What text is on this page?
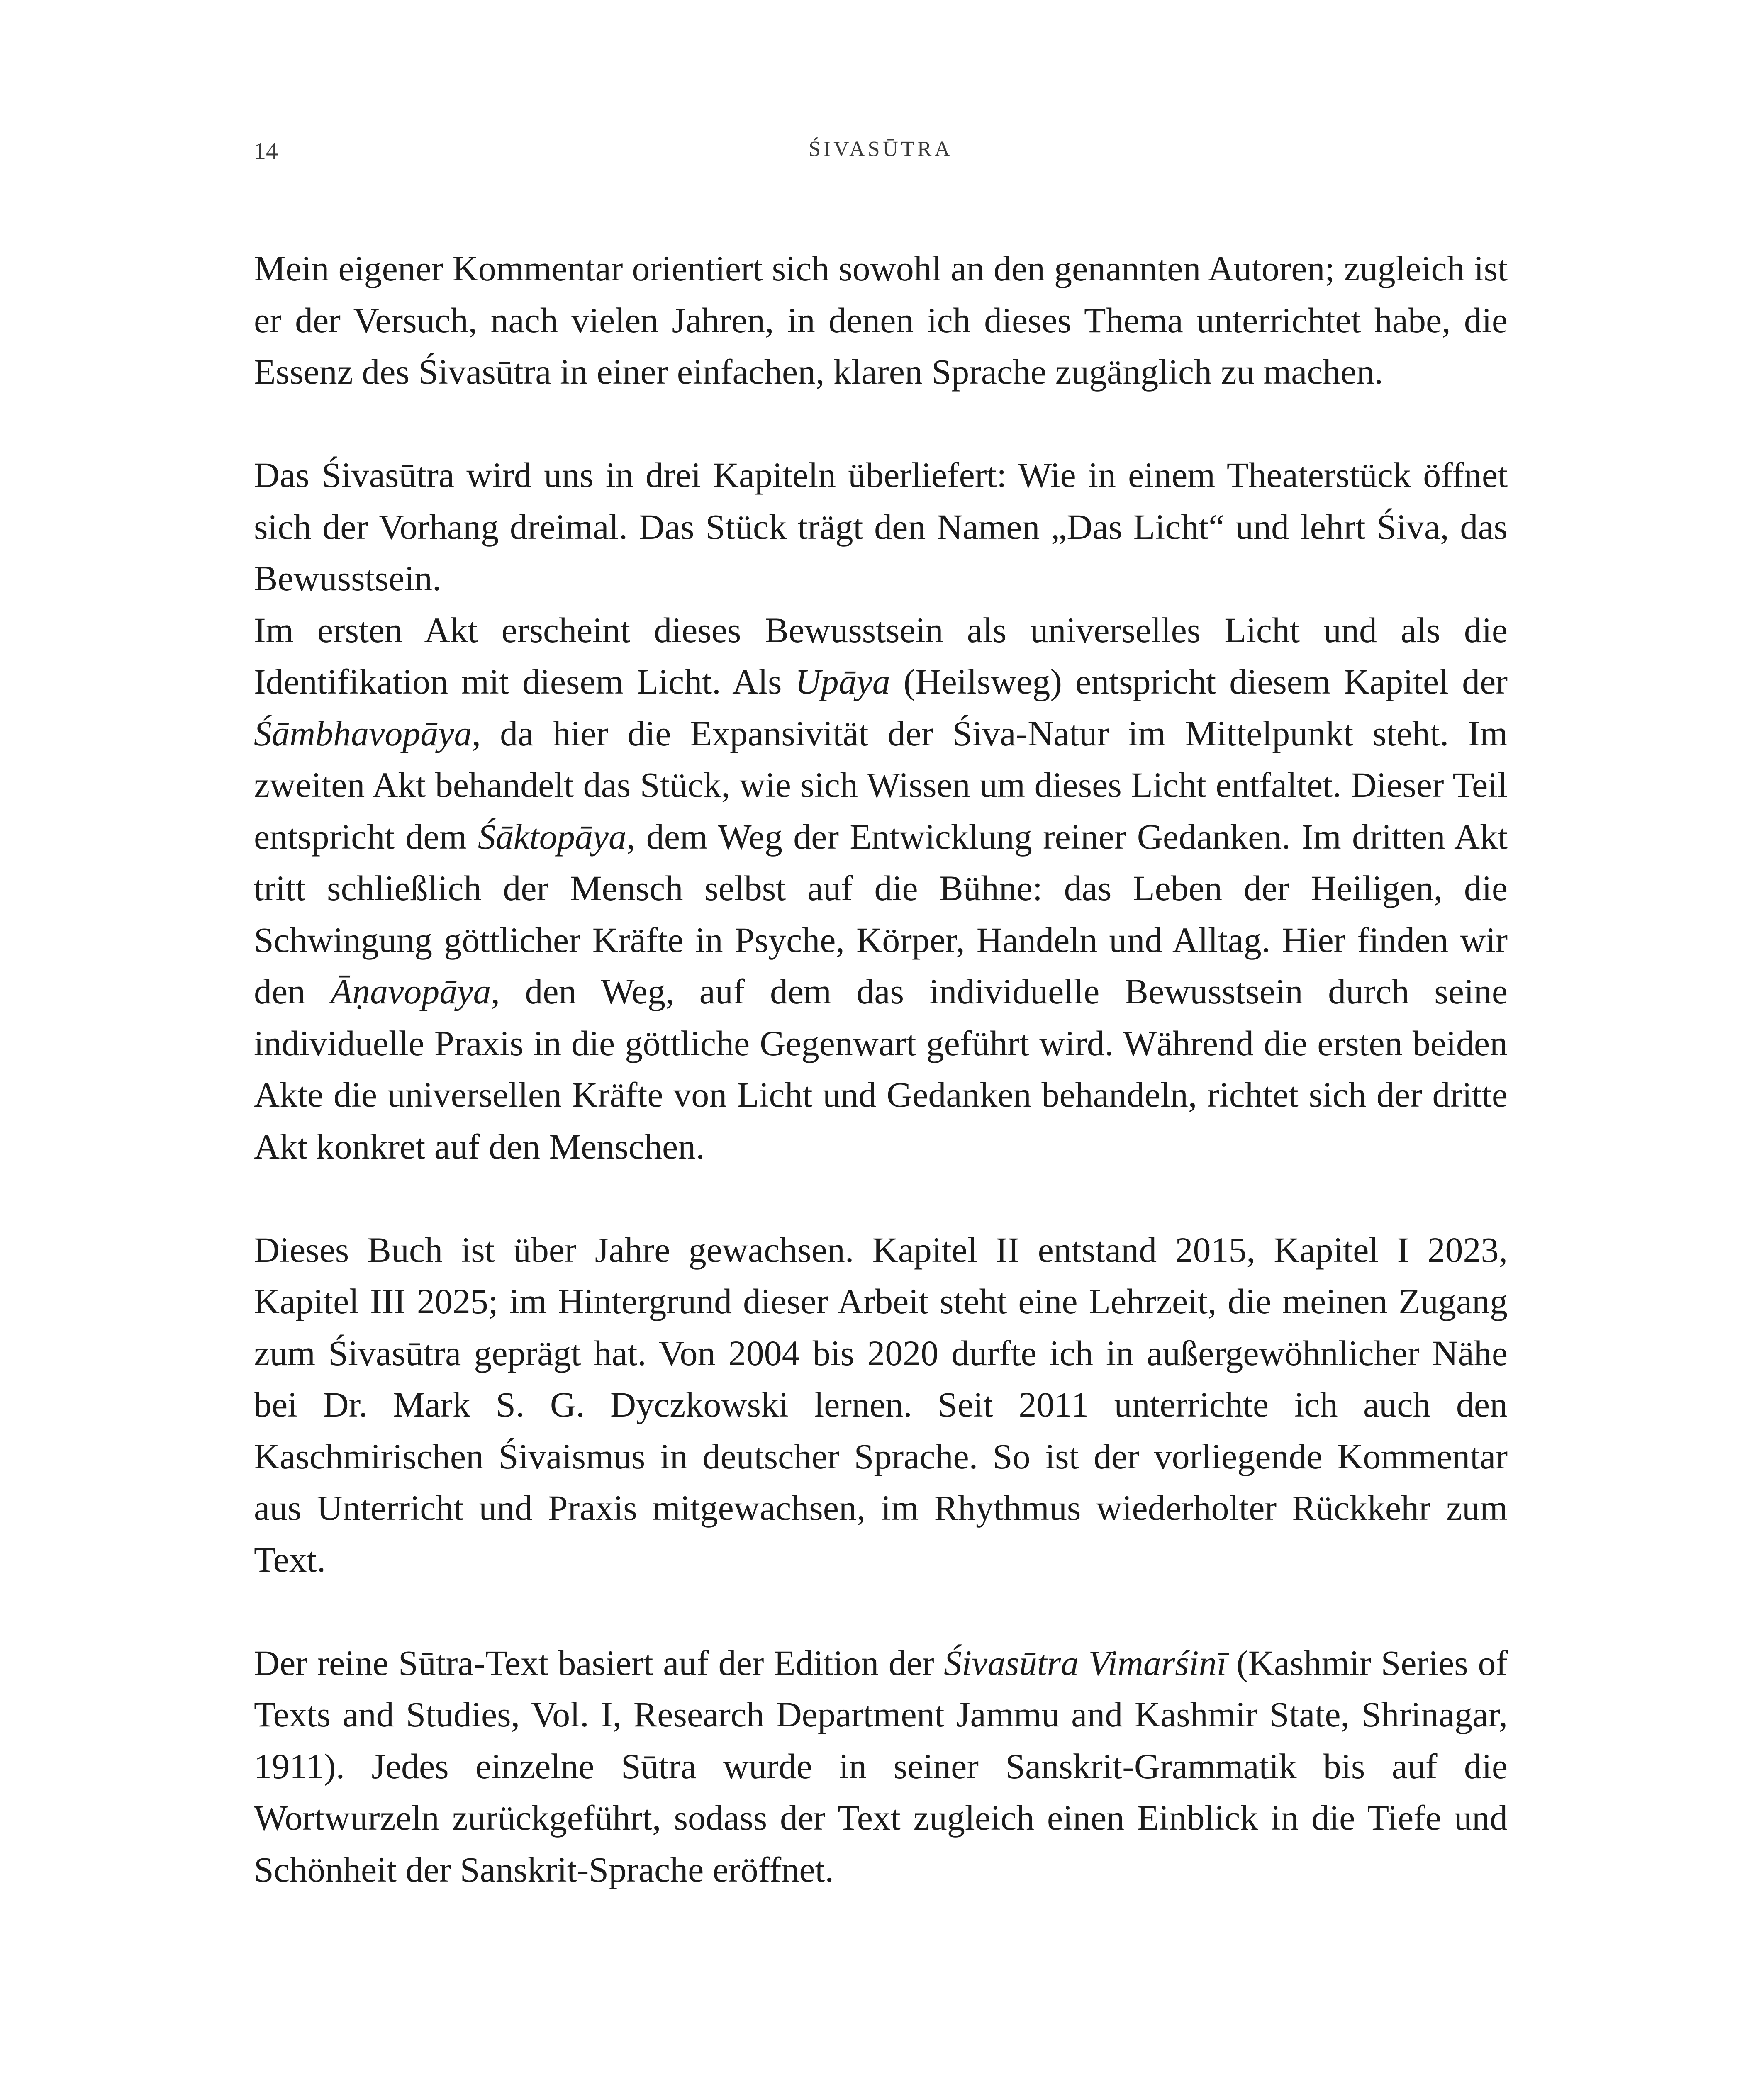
14	ŚIVASŪTRA

Mein eigener Kommentar orientiert sich sowohl an den genannten Autoren; zugleich ist er der Versuch, nach vielen Jahren, in denen ich dieses Thema unterrichtet habe, die Essenz des Śivasūtra in einer einfachen, klaren Sprache zugänglich zu machen.

Das Śivasūtra wird uns in drei Kapiteln überliefert: Wie in einem Theaterstück öffnet sich der Vorhang dreimal. Das Stück trägt den Namen „Das Licht“ und lehrt Śiva, das Bewusstsein.

Im ersten Akt erscheint dieses Bewusstsein als universelles Licht und als die Identifikation mit diesem Licht. Als Upāya (Heilsweg) entspricht diesem Kapitel der Śāmbhavopāya, da hier die Expansivität der Śiva-Natur im Mittelpunkt steht. Im zweiten Akt behandelt das Stück, wie sich Wissen um dieses Licht entfaltet. Dieser Teil entspricht dem Śāktopāya, dem Weg der Entwicklung reiner Gedanken. Im dritten Akt tritt schließlich der Mensch selbst auf die Bühne: das Leben der Heiligen, die Schwingung göttlicher Kräfte in Psyche, Körper, Handeln und Alltag. Hier finden wir den Āṇavopāya, den Weg, auf dem das individuelle Bewusstsein durch seine individuelle Praxis in die göttliche Gegenwart geführt wird. Während die ersten beiden Akte die universellen Kräfte von Licht und Gedanken behandeln, richtet sich der dritte Akt konkret auf den Menschen.

Dieses Buch ist über Jahre gewachsen. Kapitel II entstand 2015, Kapitel I 2023, Kapitel III 2025; im Hintergrund dieser Arbeit steht eine Lehrzeit, die meinen Zugang zum Śivasūtra geprägt hat. Von 2004 bis 2020 durfte ich in außergewöhnlicher Nähe bei Dr. Mark S. G. Dyczkowski lernen. Seit 2011 unterrichte ich auch den Kaschmirischen Śivaismus in deutscher Sprache. So ist der vorliegende Kommentar aus Unterricht und Praxis mitgewachsen, im Rhythmus wiederholter Rückkehr zum Text.

Der reine Sūtra-Text basiert auf der Edition der Śivasūtra Vimarśinī (Kashmir Series of Texts and Studies, Vol. I, Research Department Jammu and Kashmir State, Shrinagar, 1911). Jedes einzelne Sūtra wurde in seiner Sanskrit-Grammatik bis auf die Wortwurzeln zurückgeführt, sodass der Text zugleich einen Einblick in die Tiefe und Schönheit der Sanskrit-Sprache eröffnet.
